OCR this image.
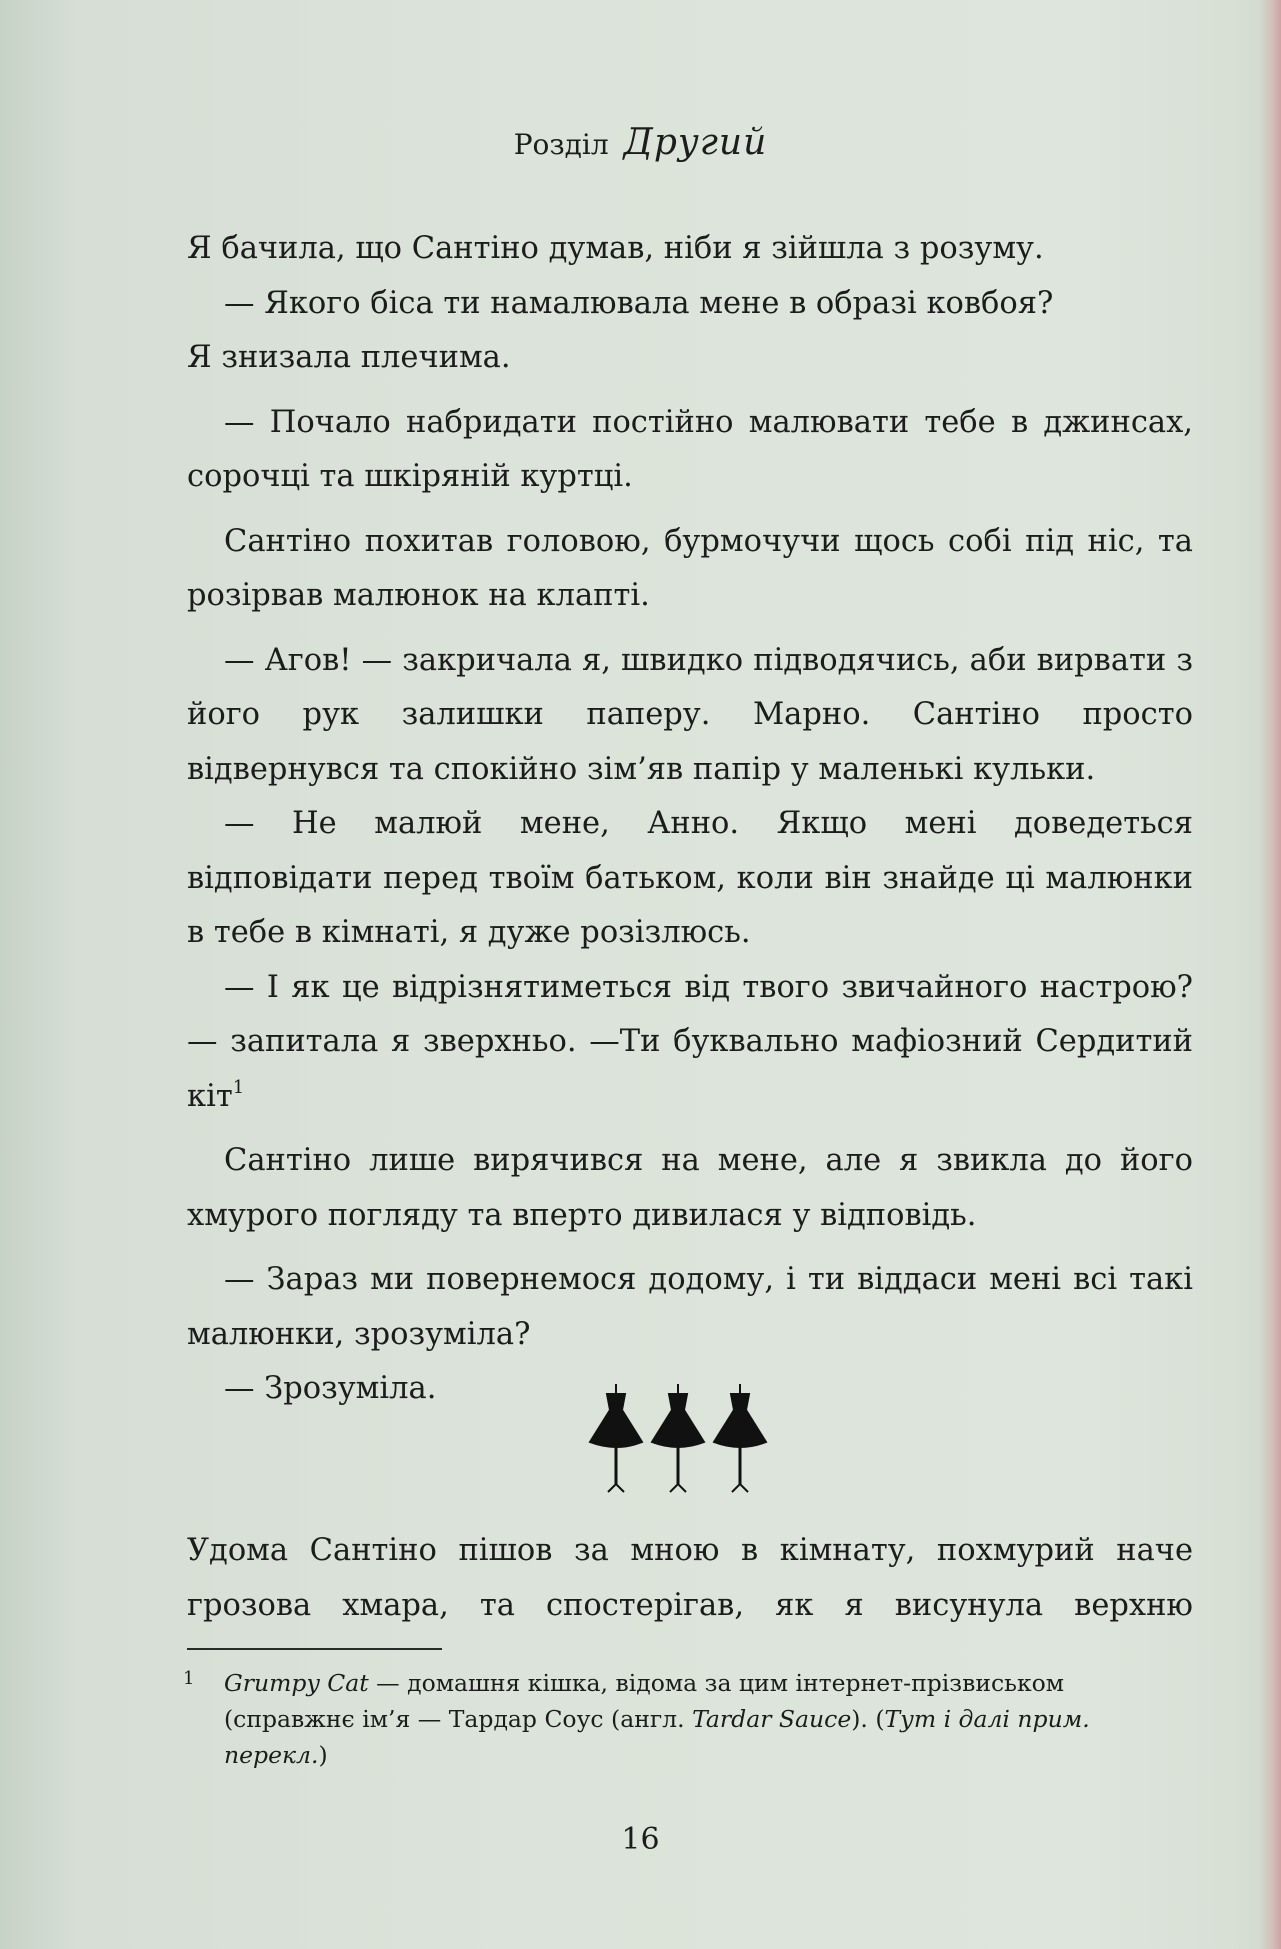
Розділ Другий

Я бачила, що Сантіно думав, ніби я зійшла з розуму.

— Якого біса ти намалювала мене в образі ковбоя?

Я знизала плечима.

— Почало набридати постійно малювати тебе в джинсах, сорочці та шкіряній куртці.

Сантіно похитав головою, бурмочучи щось собі під ніс, та розірвав малюнок на клапті.

— Агов! — закричала я, швидко підводячись, аби вирвати з його рук залишки паперу. Марно. Сантіно просто відвернувся та спокійно зім’яв папір у маленькі кульки.

— Не малюй мене, Анно. Якщо мені доведеться відповідати перед твоїм батьком, коли він знайде ці малюнки в тебе в кімнаті, я дуже розізлюсь.

— І як це відрізнятиметься від твого звичайного настрою? — запитала я зверхньо. —Ти буквально мафіозний Сердитий кіт$^1$

Сантіно лише вирячився на мене, але я звикла до його хмурого погляду та вперто дивилася у відповідь.

— Зараз ми повернемося додому, і ти віддаси мені всі такі малюнки, зрозуміла?

— Зрозуміла.

Удома Сантіно пішов за мною в кімнату, похмурий наче грозова хмара, та спостерігав, як я висунула верхню

1	Grumpy Cat — домашня кішка, відома за цим інтернет-прізвиськом (справжнє ім’я — Тардар Соус (англ. Tardar Sauce). (Тут і далі прим. перекл.)

16
